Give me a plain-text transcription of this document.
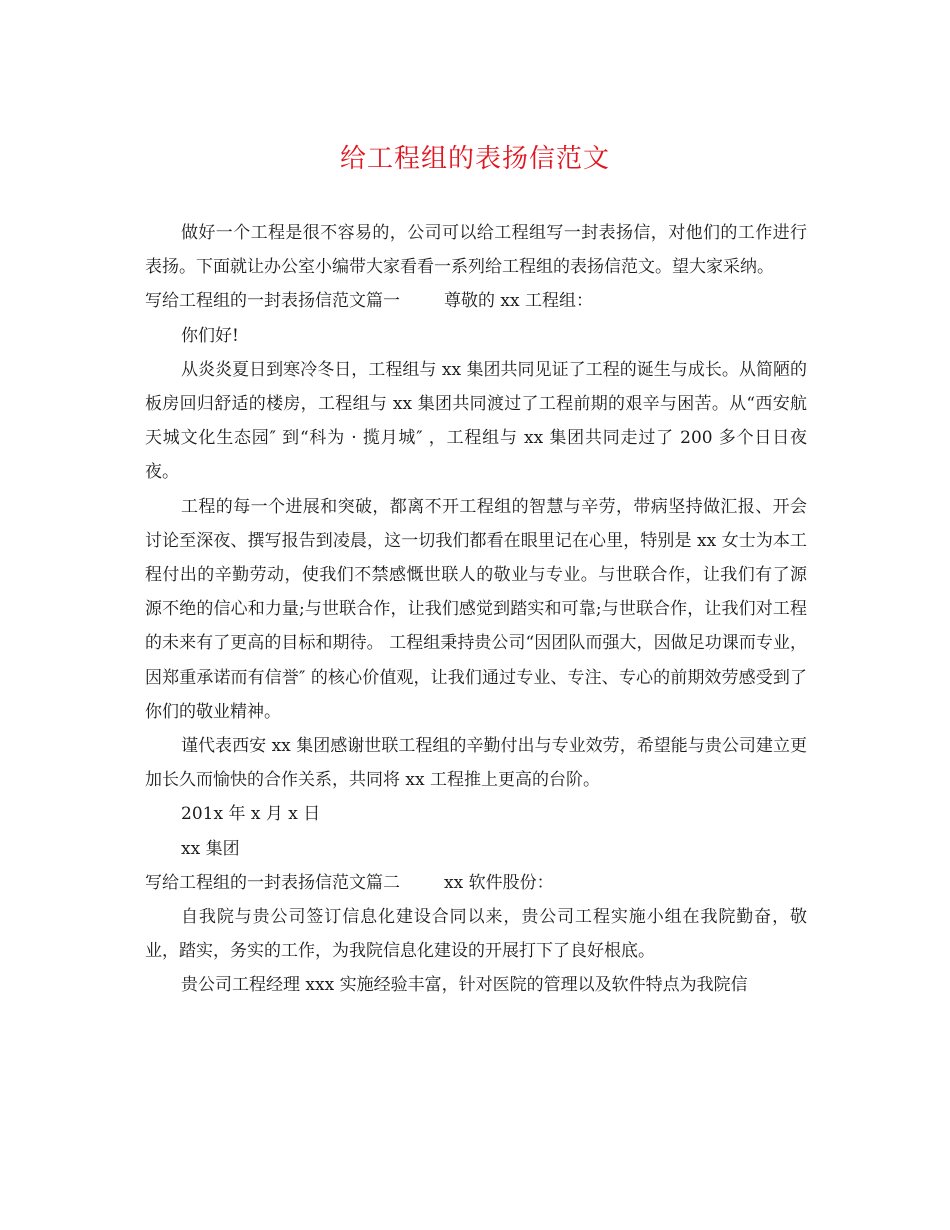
给工程组的表扬信范文

做好一个工程是很不容易的，公司可以给工程组写一封表扬信，对他们的工作进行表扬。下面就让办公室小编带大家看看一系列给工程组的表扬信范文。望大家采纳。

写给工程组的一封表扬信范文篇一	尊敬的 xx 工程组：

你们好!

从炎炎夏日到寒冷冬日，工程组与 xx 集团共同见证了工程的诞生与成长。从简陋的板房回归舒适的楼房，工程组与 xx 集团共同渡过了工程前期的艰辛与困苦。从“西安航天城文化生态园″ 到“科为 · 揽月城″ ，工程组与 xx 集团共同走过了 200 多个日日夜夜。

工程的每一个进展和突破，都离不开工程组的智慧与辛劳，带病坚持做汇报、开会讨论至深夜、撰写报告到凌晨，这一切我们都看在眼里记在心里，特别是 xx 女士为本工程付出的辛勤劳动，使我们不禁感慨世联人的敬业与专业。与世联合作，让我们有了源源不绝的信心和力量;与世联合作，让我们感觉到踏实和可靠;与世联合作，让我们对工程的未来有了更高的目标和期待。 工程组秉持贵公司“因团队而强大，因做足功课而专业，因郑重承诺而有信誉″ 的核心价值观，让我们通过专业、专注、专心的前期效劳感受到了你们的敬业精神。

谨代表西安 xx 集团感谢世联工程组的辛勤付出与专业效劳，希望能与贵公司建立更加长久而愉快的合作关系，共同将 xx 工程推上更高的台阶。

201x 年 x 月 x 日

xx 集团

写给工程组的一封表扬信范文篇二	xx 软件股份：

自我院与贵公司签订信息化建设合同以来，贵公司工程实施小组在我院勤奋，敬业，踏实，务实的工作，为我院信息化建设的开展打下了良好根底。

贵公司工程经理 xxx 实施经验丰富，针对医院的管理以及软件特点为我院信
